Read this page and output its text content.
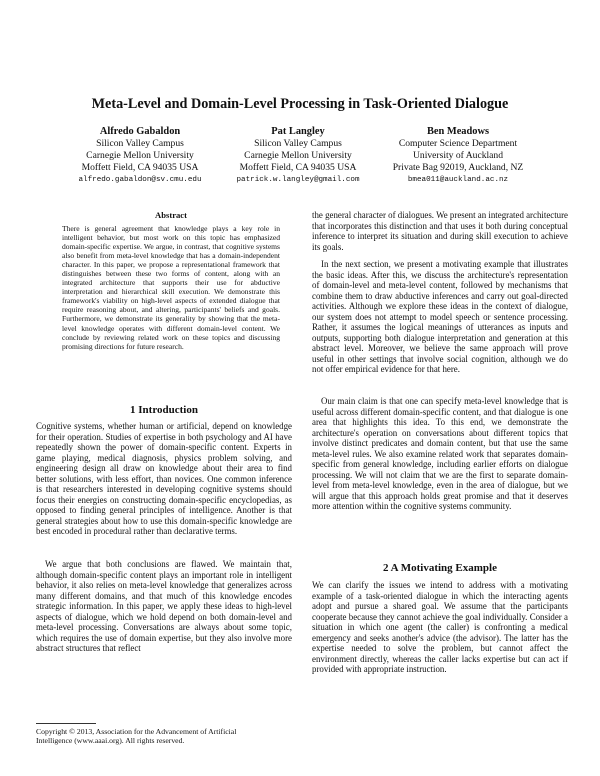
Meta-Level and Domain-Level Processing in Task-Oriented Dialogue
Alfredo Gabaldon
Silicon Valley Campus
Carnegie Mellon University
Moffett Field, CA 94035 USA
alfredo.gabaldon@sv.cmu.edu
Pat Langley
Silicon Valley Campus
Carnegie Mellon University
Moffett Field, CA 94035 USA
patrick.w.langley@gmail.com
Ben Meadows
Computer Science Department
University of Auckland
Private Bag 92019, Auckland, NZ
bmea011@auckland.ac.nz
Abstract

There is general agreement that knowledge plays a key role in intelligent behavior, but most work on this topic has emphasized domain-specific expertise. We argue, in contrast, that cognitive systems also benefit from meta-level knowledge that has a domain-independent character. In this paper, we propose a representational framework that distinguishes between these two forms of content, along with an integrated architecture that supports their use for abductive interpretation and hierarchical skill execution. We demonstrate this framework's viability on high-level aspects of extended dialogue that require reasoning about, and altering, participants' beliefs and goals. Furthermore, we demonstrate its generality by showing that the meta-level knowledge operates with different domain-level content. We conclude by reviewing related work on these topics and discussing promising directions for future research.

1 Introduction

Cognitive systems, whether human or artificial, depend on knowledge for their operation. Studies of expertise in both psychology and AI have repeatedly shown the power of domain-specific content. Experts in game playing, medical diagnosis, physics problem solving, and engineering design all draw on knowledge about their area to find better solutions, with less effort, than novices. One common inference is that researchers interested in developing cognitive systems should focus their energies on constructing domain-specific encyclopedias, as opposed to finding general principles of intelligence. Another is that general strategies about how to use this domain-specific knowledge are best encoded in procedural rather than declarative terms.

We argue that both conclusions are flawed. We maintain that, although domain-specific content plays an important role in intelligent behavior, it also relies on meta-level knowledge that generalizes across many different domains, and that much of this knowledge encodes strategic information. In this paper, we apply these ideas to high-level aspects of dialogue, which we hold depend on both domain-level and meta-level processing. Conversations are always about some topic, which requires the use of domain expertise, but they also involve more abstract structures that reflect

Copyright © 2013, Association for the Advancement of Artificial
Intelligence (www.aaai.org). All rights reserved.

the general character of dialogues. We present an integrated architecture that incorporates this distinction and that uses it both during conceptual inference to interpret its situation and during skill execution to achieve its goals.

In the next section, we present a motivating example that illustrates the basic ideas. After this, we discuss the architecture's representation of domain-level and meta-level content, followed by mechanisms that combine them to draw abductive inferences and carry out goal-directed activities. Although we explore these ideas in the context of dialogue, our system does not attempt to model speech or sentence processing. Rather, it assumes the logical meanings of utterances as inputs and outputs, supporting both dialogue interpretation and generation at this abstract level. Moreover, we believe the same approach will prove useful in other settings that involve social cognition, although we do not offer empirical evidence for that here.

Our main claim is that one can specify meta-level knowledge that is useful across different domain-specific content, and that dialogue is one area that highlights this idea. To this end, we demonstrate the architecture's operation on conversations about different topics that involve distinct predicates and domain content, but that use the same meta-level rules. We also examine related work that separates domain-specific from general knowledge, including earlier efforts on dialogue processing. We will not claim that we are the first to separate domain-level from meta-level knowledge, even in the area of dialogue, but we will argue that this approach holds great promise and that it deserves more attention within the cognitive systems community.

2 A Motivating Example

We can clarify the issues we intend to address with a motivating example of a task-oriented dialogue in which the interacting agents adopt and pursue a shared goal. We assume that the participants cooperate because they cannot achieve the goal individually. Consider a situation in which one agent (the caller) is confronting a medical emergency and seeks another's advice (the advisor). The latter has the expertise needed to solve the problem, but cannot affect the environment directly, whereas the caller lacks expertise but can act if provided with appropriate instruction.
